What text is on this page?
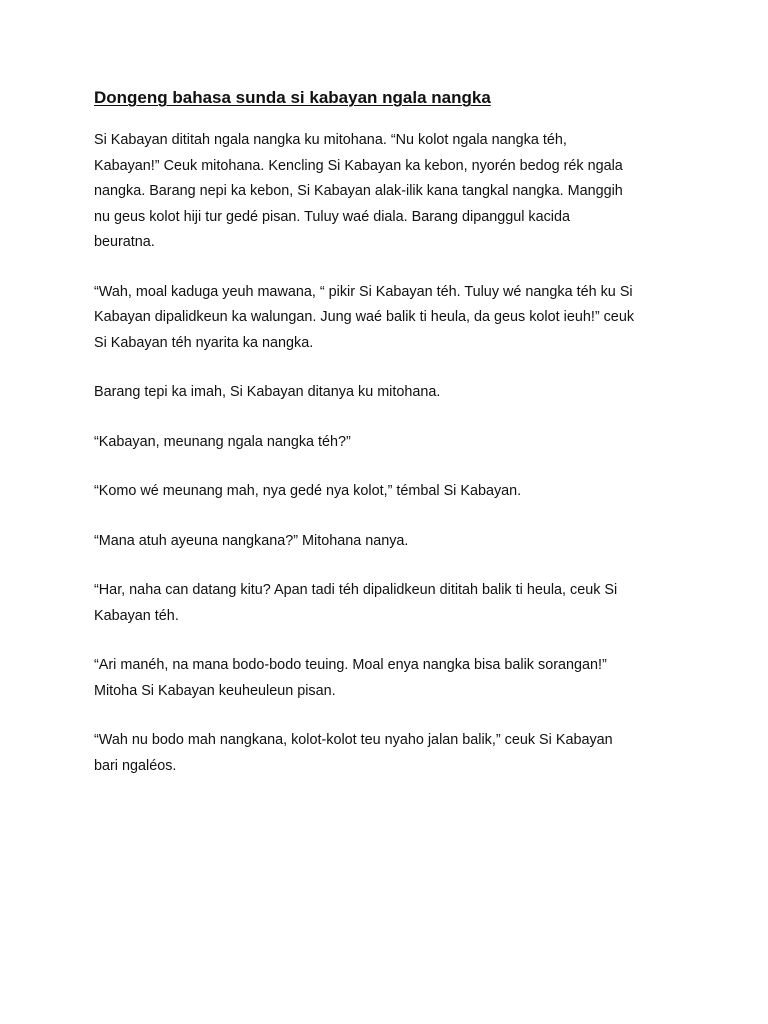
Dongeng bahasa sunda si kabayan ngala nangka

Si Kabayan dititah ngala nangka ku mitohana. “Nu kolot ngala nangka téh,
Kabayan!” Ceuk mitohana. Kencling Si Kabayan ka kebon, nyorén bedog rék ngala
nangka. Barang nepi ka kebon, Si Kabayan alak-ilik kana tangkal nangka. Manggih
nu geus kolot hiji tur gedé pisan. Tuluy waé diala. Barang dipanggul kacida
beuratna.

“Wah, moal kaduga yeuh mawana, “ pikir Si Kabayan téh. Tuluy wé nangka téh ku Si
Kabayan dipalidkeun ka walungan. Jung waé balik ti heula, da geus kolot ieuh!” ceuk
Si Kabayan téh nyarita ka nangka.

Barang tepi ka imah, Si Kabayan ditanya ku mitohana.

“Kabayan, meunang ngala nangka téh?”

“Komo wé meunang mah, nya gedé nya kolot,” témbal Si Kabayan.

“Mana atuh ayeuna nangkana?” Mitohana nanya.

“Har, naha can datang kitu? Apan tadi téh dipalidkeun dititah balik ti heula, ceuk Si
Kabayan téh.

“Ari manéh, na mana bodo-bodo teuing. Moal enya nangka bisa balik sorangan!”
Mitoha Si Kabayan keuheuleun pisan.

“Wah nu bodo mah nangkana, kolot-kolot teu nyaho jalan balik,” ceuk Si Kabayan
bari ngaléos.
